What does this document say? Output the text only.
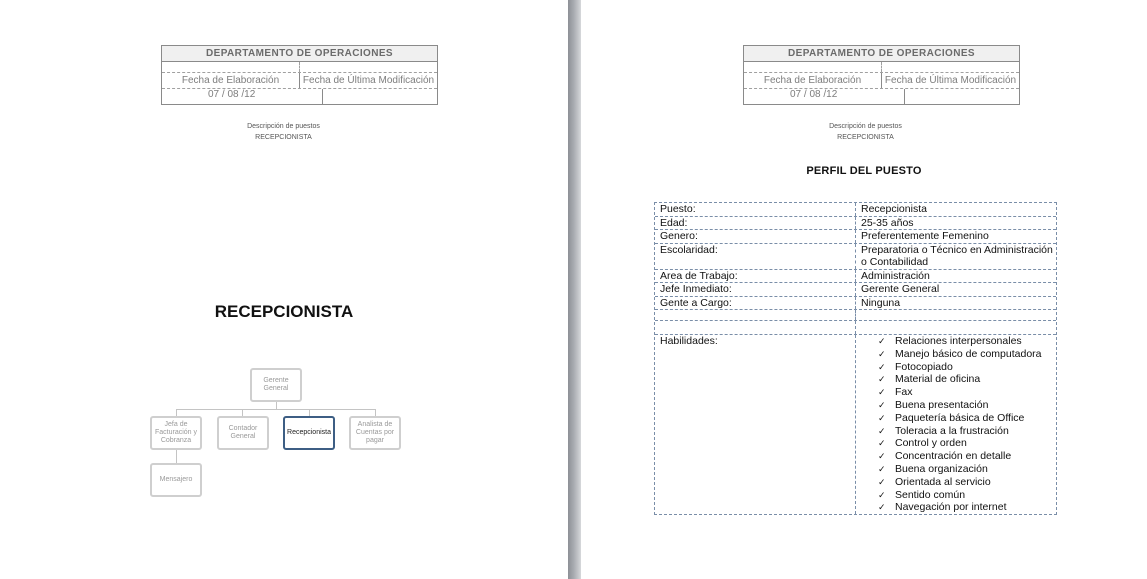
DEPARTAMENTO DE OPERACIONES
Fecha de Elaboración	Fecha de Última Modificación
07 / 08 /12
Descripción de puestos
RECEPCIONISTA
RECEPCIONISTA
Gerente General
Jefa de Facturación y Cobranza
Contador General
Recepcionista
Analista de Cuentas por pagar
Mensajero
DEPARTAMENTO DE OPERACIONES
Fecha de Elaboración	Fecha de Última Modificación
07 / 08 /12
Descripción de puestos
RECEPCIONISTA
PERFIL DEL PUESTO
Puesto:	Recepcionista
Edad:	25-35 años
Genero:	Preferentemente Femenino
Escolaridad:	Preparatoria o Técnico en Administración o Contabilidad
Area de Trabajo:	Administración
Jefe Inmediato:	Gerente General
Gente a Cargo:	Ninguna
Habilidades:	✓ Relaciones interpersonales
✓ Manejo básico de computadora
✓ Fotocopiado
✓ Material de oficina
✓ Fax
✓ Buena presentación
✓ Paquetería básica de Office
✓ Toleracia a la frustración
✓ Control y orden
✓ Concentración en detalle
✓ Buena organización
✓ Orientada al servicio
✓ Sentido común
✓ Navegación por internet
